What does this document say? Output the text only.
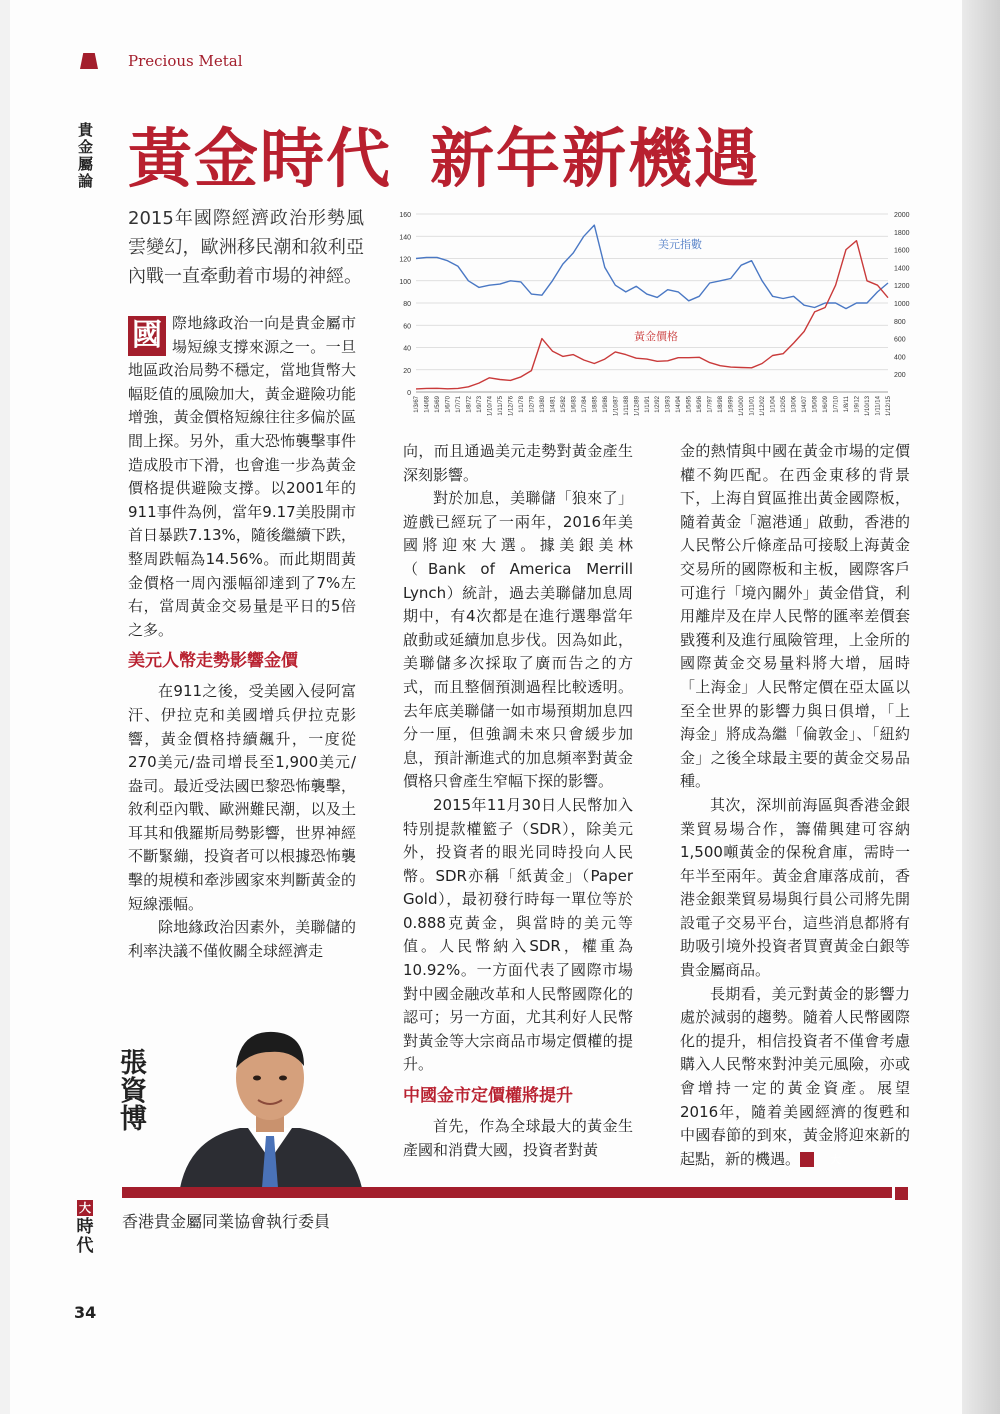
Precious Metal
貴金屬論 黃金時代 新年新機遇
2015年國際經濟政治形勢風雲變幻，歐洲移民潮和敘利亞內戰一直牽動着市場的神經。
0
20
40
60
80
100
120
140
160
200
400
600
800
1000
1200
1400
1600
1800
2000
1/3/67 1/4/68 1/5/69 1/6/70 1/7/71 1/8/72 1/9/73 1/10/74 1/11/75 1/12/76 1/1/78 1/2/79 1/3/80 1/4/81 1/5/82 1/6/83 1/7/84 1/8/85 1/9/86 1/10/87 1/11/88 1/12/89 1/1/91 1/2/92 1/3/93 1/4/94 1/5/95 1/6/96 1/7/97 1/8/98 1/9/99 1/10/00 1/11/01 1/12/02 1/1/04 1/2/05 1/3/06 1/4/07 1/5/08 1/6/09 1/7/10 1/8/11 1/9/12 1/10/13 1/11/14 1/12/15
美元指數
黃金價格

國 際地緣政治一向是貴金屬市場短線支撐來源之一。一旦地區政治局勢不穩定，當地貨幣大幅貶值的風險加大，黃金避險功能增強，黃金價格短線往往多偏於區間上探。另外，重大恐怖襲擊事件造成股市下滑，也會進一步為黃金價格提供避險支撐。以2001年的911事件為例，當年9.17美股開市首日暴跌7.13%，隨後繼續下跌，整周跌幅為14.56%。而此期間黃金價格一周內漲幅卻達到了7%左右，當周黃金交易量是平日的5倍之多。

美元人幣走勢影響金價

在911之後，受美國入侵阿富汗、伊拉克和美國增兵伊拉克影響，黃金價格持續飆升，一度從270美元/盎司增長至1,900美元/盎司。最近受法國巴黎恐怖襲擊，敘利亞內戰、歐洲難民潮，以及土耳其和俄羅斯局勢影響，世界神經不斷緊繃，投資者可以根據恐怖襲擊的規模和牽涉國家來判斷黃金的短線漲幅。

除地緣政治因素外，美聯儲的利率決議不僅攸關全球經濟走

向，而且通過美元走勢對黃金產生深刻影響。

對於加息，美聯儲「狼來了」遊戲已經玩了一兩年，2016年美國將迎來大選。據美銀美林（Bank of America Merrill Lynch）統計，過去美聯儲加息周期中，有4次都是在進行選舉當年啟動或延續加息步伐。因為如此，美聯儲多次採取了廣而告之的方式，而且整個預測過程比較透明。去年底美聯儲一如市場預期加息四分一厘，但強調未來只會緩步加息，預計漸進式的加息頻率對黃金價格只會產生窄幅下探的影響。

2015年11月30日人民幣加入特別提款權籃子（SDR），除美元外，投資者的眼光同時投向人民幣。SDR亦稱「紙黃金」（Paper Gold），最初發行時每一單位等於0.888克黃金，與當時的美元等值。人民幣納入SDR，權重為10.92%。一方面代表了國際市場對中國金融改革和人民幣國際化的認可；另一方面，尤其利好人民幣對黃金等大宗商品市場定價權的提升。

中國金市定價權將提升

首先，作為全球最大的黃金生產國和消費大國，投資者對黃

金的熱情與中國在黃金市場的定價權不夠匹配。在西金東移的背景下，上海自貿區推出黃金國際板，隨着黃金「滬港通」啟動，香港的人民幣公斤條產品可接駁上海黃金交易所的國際板和主板，國際客戶可進行「境內關外」黃金借貸，利用離岸及在岸人民幣的匯率差價套戥獲利及進行風險管理，上金所的國際黃金交易量料將大增，屆時「上海金」人民幣定價在亞太區以至全世界的影響力與日俱增，「上海金」將成為繼「倫敦金」、「紐約金」之後全球最主要的黃金交易品種。

其次，深圳前海區與香港金銀業貿易場合作，籌備興建可容納1,500噸黃金的保稅倉庫，需時一年半至兩年。黃金倉庫落成前，香港金銀業貿易場與行員公司將先開設電子交易平台，這些消息都將有助吸引境外投資者買賣黃金白銀等貴金屬商品。

長期看，美元對黃金的影響力處於減弱的趨勢。隨着人民幣國際化的提升，相信投資者不僅會考慮購入人民幣來對沖美元風險，亦或會增持一定的黃金資產。展望2016年，隨着美國經濟的復甦和中國春節的到來，黃金將迎來新的起點，新的機遇。	大

張資博
香港貴金屬同業協會執行委員
大
時代
34
